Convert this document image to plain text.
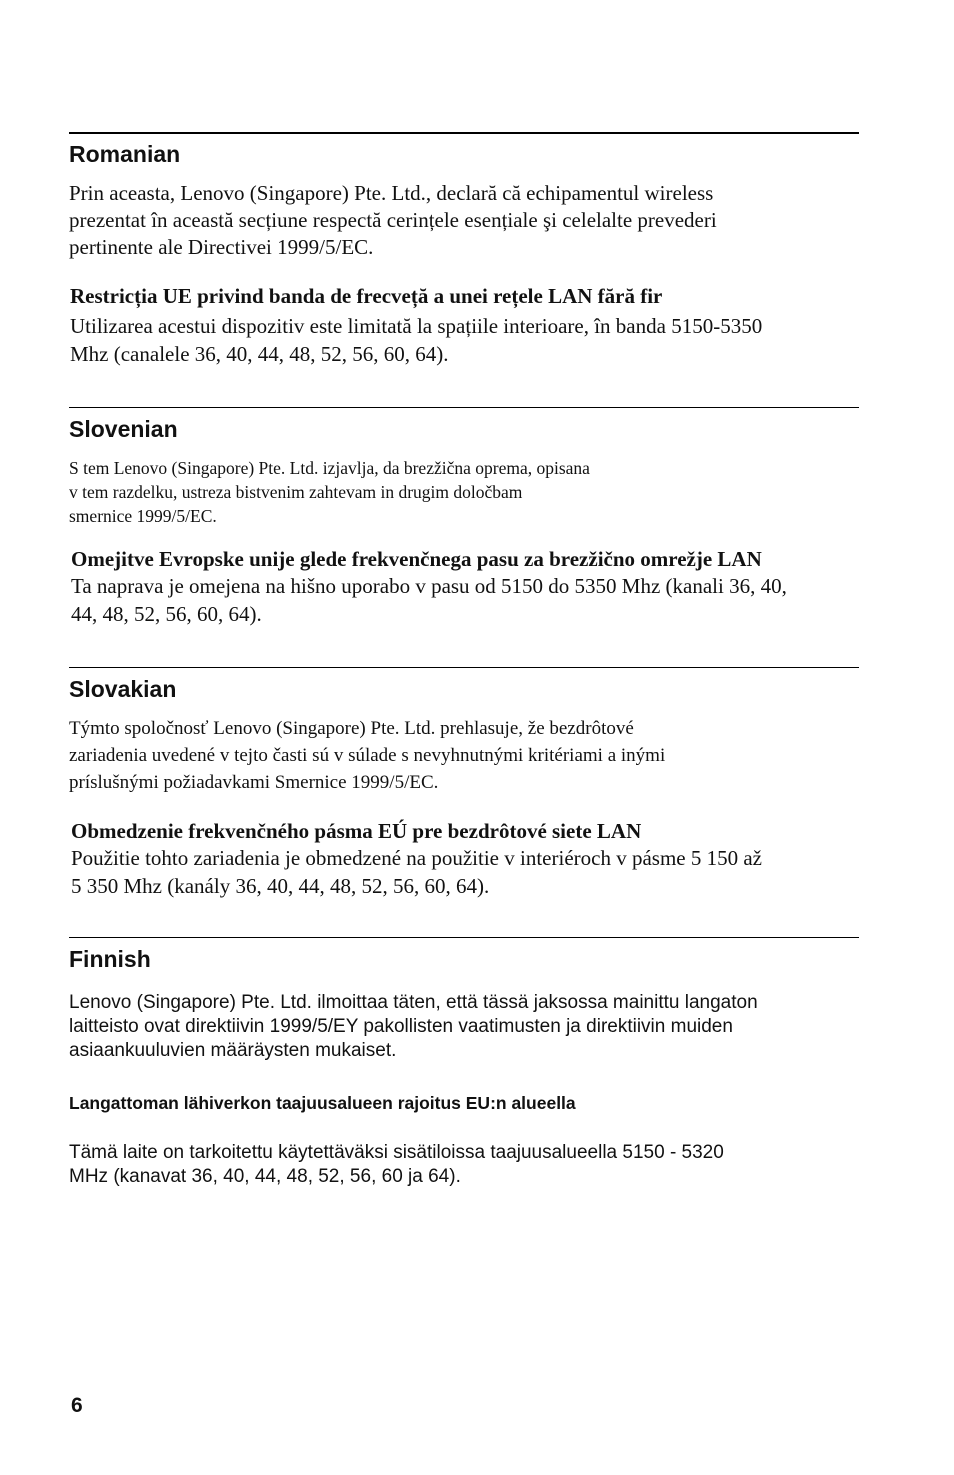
Romanian

Prin aceasta, Lenovo (Singapore) Pte. Ltd., declară că echipamentul wireless
prezentat în această secțiune respectă cerințele esențiale şi celelalte prevederi
pertinente ale Directivei 1999/5/EC.

Restricția UE privind banda de frecveță a unei rețele LAN fără fir

Utilizarea acestui dispozitiv este limitată la spațiile interioare, în banda 5150-5350
Mhz (canalele 36, 40, 44, 48, 52, 56, 60, 64).

Slovenian

S tem Lenovo (Singapore) Pte. Ltd. izjavlja, da brezžična oprema, opisana
v tem razdelku, ustreza bistvenim zahtevam in drugim določbam
smernice 1999/5/EC.

Omejitve Evropske unije glede frekvenčnega pasu za brezžično omrežje LAN

Ta naprava je omejena na hišno uporabo v pasu od 5150 do 5350 Mhz (kanali 36, 40,
44, 48, 52, 56, 60, 64).

Slovakian

Týmto spoločnosť Lenovo (Singapore) Pte. Ltd. prehlasuje, že bezdrôtové
zariadenia uvedené v tejto časti sú v súlade s nevyhnutnými kritériami a inými
príslušnými požiadavkami Smernice 1999/5/EC.

Obmedzenie frekvenčného pásma EÚ pre bezdrôtové siete LAN

Použitie tohto zariadenia je obmedzené na použitie v interiéroch v pásme 5 150 až
5 350 Mhz (kanály 36, 40, 44, 48, 52, 56, 60, 64).

Finnish

Lenovo (Singapore) Pte. Ltd. ilmoittaa täten, että tässä jaksossa mainittu langaton
laitteisto ovat direktiivin 1999/5/EY pakollisten vaatimusten ja direktiivin muiden
asiaankuuluvien määräysten mukaiset.

Langattoman lähiverkon taajuusalueen rajoitus EU:n alueella

Tämä laite on tarkoitettu käytettäväksi sisätiloissa taajuusalueella 5150 - 5320
MHz (kanavat 36, 40, 44, 48, 52, 56, 60 ja 64).

6
